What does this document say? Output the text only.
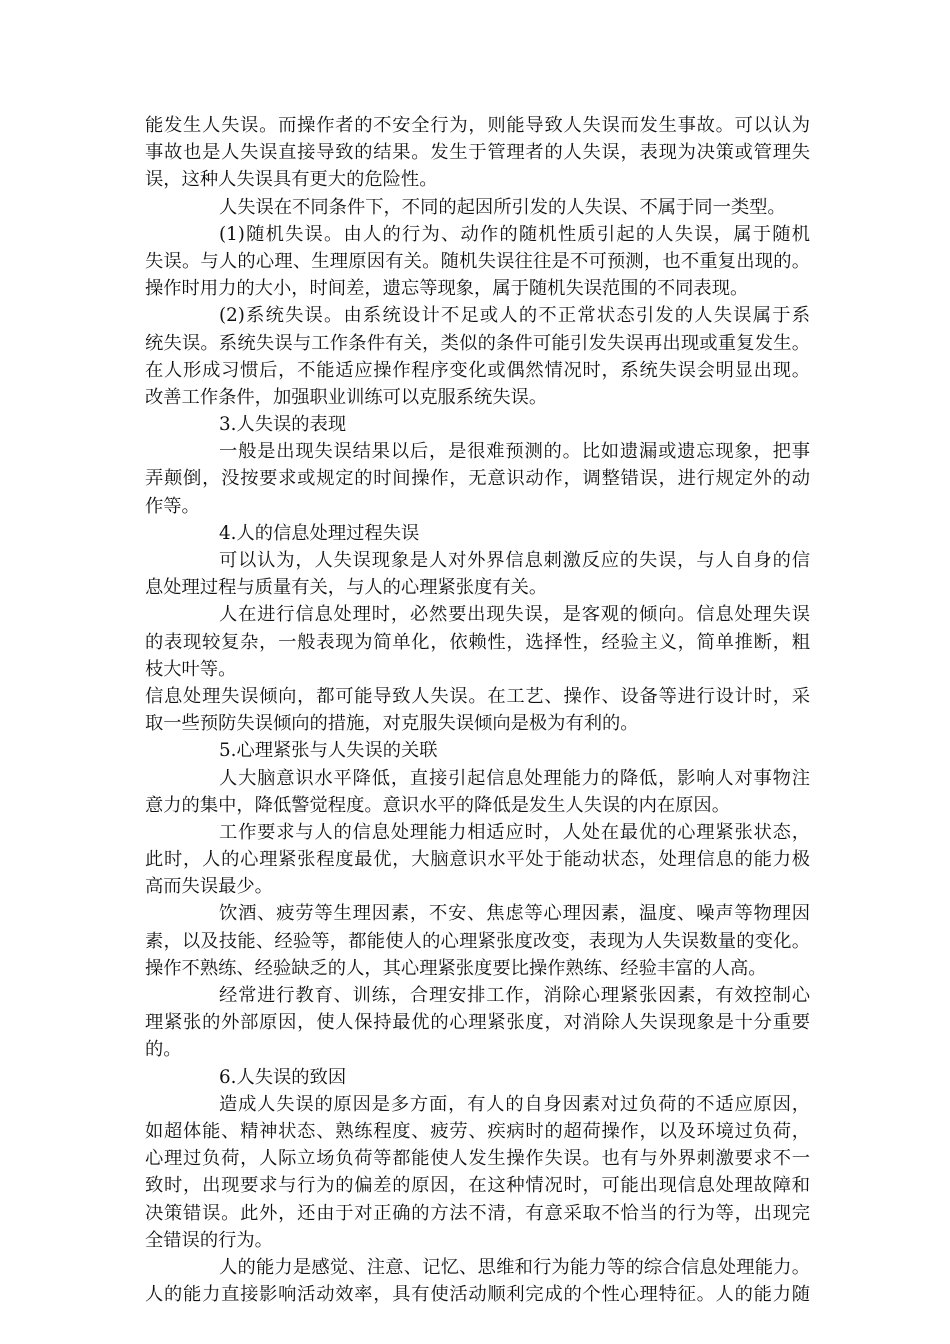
能发生人失误。而操作者的不安全行为，则能导致人失误而发生事故。可以认为
事故也是人失误直接导致的结果。发生于管理者的人失误，表现为决策或管理失
误，这种人失误具有更大的危险性。
人失误在不同条件下，不同的起因所引发的人失误、不属于同一类型。
(1)随机失误。由人的行为、动作的随机性质引起的人失误，属于随机
失误。与人的心理、生理原因有关。随机失误往往是不可预测，也不重复出现的。
操作时用力的大小，时间差，遗忘等现象，属于随机失误范围的不同表现。
(2)系统失误。由系统设计不足或人的不正常状态引发的人失误属于系
统失误。系统失误与工作条件有关，类似的条件可能引发失误再出现或重复发生。
在人形成习惯后，不能适应操作程序变化或偶然情况时，系统失误会明显出现。
改善工作条件，加强职业训练可以克服系统失误。
3.人失误的表现
一般是出现失误结果以后，是很难预测的。比如遗漏或遗忘现象，把事
弄颠倒，没按要求或规定的时间操作，无意识动作，调整错误，进行规定外的动
作等。
4.人的信息处理过程失误
可以认为，人失误现象是人对外界信息刺激反应的失误，与人自身的信
息处理过程与质量有关，与人的心理紧张度有关。
人在进行信息处理时，必然要出现失误，是客观的倾向。信息处理失误
的表现较复杂，一般表现为简单化，依赖性，选择性，经验主义，简单推断，粗
枝大叶等。
信息处理失误倾向，都可能导致人失误。在工艺、操作、设备等进行设计时，采
取一些预防失误倾向的措施，对克服失误倾向是极为有利的。
5.心理紧张与人失误的关联
人大脑意识水平降低，直接引起信息处理能力的降低，影响人对事物注
意力的集中，降低警觉程度。意识水平的降低是发生人失误的内在原因。
工作要求与人的信息处理能力相适应时，人处在最优的心理紧张状态，
此时，人的心理紧张程度最优，大脑意识水平处于能动状态，处理信息的能力极
高而失误最少。
饮酒、疲劳等生理因素，不安、焦虑等心理因素，温度、噪声等物理因
素，以及技能、经验等，都能使人的心理紧张度改变，表现为人失误数量的变化。
操作不熟练、经验缺乏的人，其心理紧张度要比操作熟练、经验丰富的人高。
经常进行教育、训练，合理安排工作，消除心理紧张因素，有效控制心
理紧张的外部原因，使人保持最优的心理紧张度，对消除人失误现象是十分重要
的。
6.人失误的致因
造成人失误的原因是多方面，有人的自身因素对过负荷的不适应原因，
如超体能、精神状态、熟练程度、疲劳、疾病时的超荷操作，以及环境过负荷，
心理过负荷，人际立场负荷等都能使人发生操作失误。也有与外界刺激要求不一
致时，出现要求与行为的偏差的原因，在这种情况时，可能出现信息处理故障和
决策错误。此外，还由于对正确的方法不清，有意采取不恰当的行为等，出现完
全错误的行为。
人的能力是感觉、注意、记忆、思维和行为能力等的综合信息处理能力。
人的能力直接影响活动效率，具有使活动顺利完成的个性心理特征。人的能力随
